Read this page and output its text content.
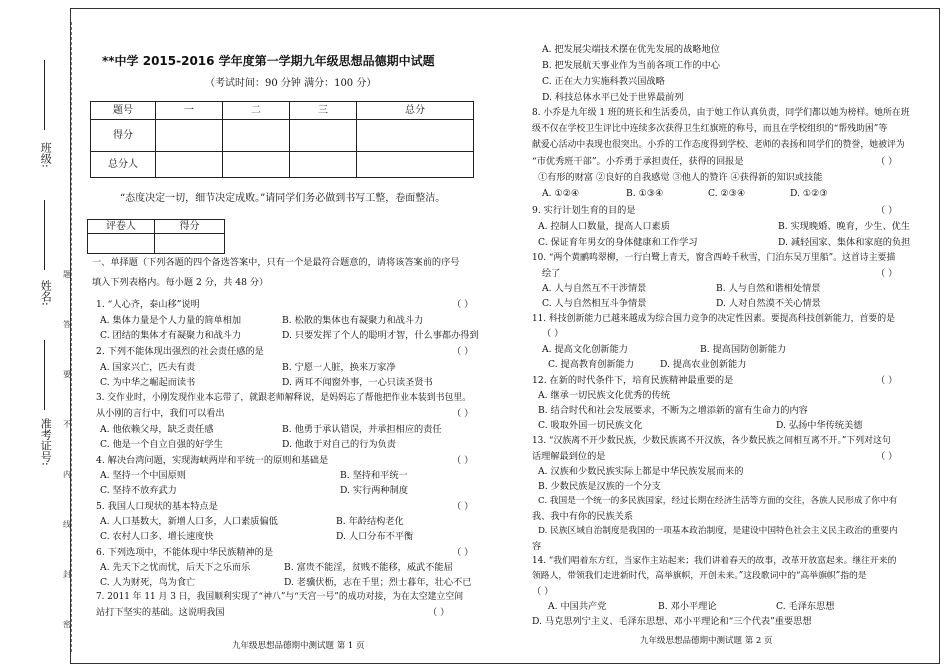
班级:
姓名:
准考证号:
题
答
要
不
内
线
封
密
**中学 2015-2016 学年度第一学期九年级思想品德期中试题
（考试时间：90 分钟 满分：100 分）
题号	一	二	三	总分
得分				
总分人				
“态度决定一切，细节决定成败。”请同学们务必做到书写工整，卷面整洁。
评卷人	得分

一、单择题（下列各题的四个备选答案中，只有一个是最符合题意的，请将该答案前的序号
填入下列表格内。每小题 2 分，共 48 分）
1. “人心齐，泰山移”说明	（ ）
A. 集体力量是个人力量的简单相加	B. 松散的集体也有凝聚力和战斗力
C. 团结的集体才有凝聚力和战斗力	D. 只要发挥了个人的聪明才智，什么事都办得到
2. 下列不能体现出强烈的社会责任感的是	（ ）
A. 国家兴亡，匹夫有责	B. 宁愿一人脏，换来万家净
C. 为中华之崛起而读书	D. 两耳不闻窗外事，一心只读圣贤书
3. 交作业时，小刚发现作业本忘带了，就跟老师解释说，是妈妈忘了帮他把作业本装到书包里。
从小刚的言行中，我们可以看出	（ ）
A. 他依赖父母，缺乏责任感	B. 他勇于承认错误，并承担相应的责任
C. 他是一个自立自强的好学生	D. 他敢于对自己的行为负责
4. 解决台湾问题，实现海峡两岸和平统一的原则和基础是	（ ）
A. 坚持一个中国原则	B. 坚持和平统一
C. 坚持不放弃武力	D. 实行两种制度
5. 我国人口现状的基本特点是	（ ）
A. 人口基数大，新增人口多，人口素质偏低	B. 年龄结构老化
C. 农村人口多、增长速度快	D. 人口分布不平衡
6. 下列选项中，不能体现中华民族精神的是	（ ）
A. 先天下之忧而忧，后天下之乐而乐	B. 富贵不能淫，贫贱不能移，威武不能屈
C. 人为财死，鸟为食亡	D. 老骥伏枥，志在千里；烈士暮年，壮心不已
7. 2011 年 11 月 3 日，我国顺利实现了“神八”与“天宫一号”的成功对接，为在太空建立空间
站打下坚实的基础。这说明我国	（ ）
九年级思想品德期中测试题 第 1 页
A. 把发展尖端技术摆在优先发展的战略地位
B. 把发展航天事业作为当前各项工作的中心
C. 正在大力实施科教兴国战略
D. 科技总体水平已处于世界最前列
8. 小乔是九年级 1 班的班长和生活委员，由于她工作认真负责，同学们都以她为榜样。她所在班
级不仅在学校卫生评比中连续多次获得卫生红旗班的称号，而且在学校组织的“帮残助困”等
献爱心活动中表现也很突出。小乔的工作态度得到学校、老师的表扬和同学们的赞誉，她被评为
“市优秀班干部”。小乔勇于承担责任，获得的回报是	（ ）
①有形的财富 ②良好的自我感觉 ③他人的赞许 ④获得新的知识或技能
A. ①②④	B. ①③④	C. ②③④	D. ①②③
9. 实行计划生育的目的是	（ ）
A. 控制人口数量，提高人口素质	B. 实现晚婚、晚育，少生、优生
C. 保证育年男女的身体健康和工作学习	D. 减轻国家、集体和家庭的负担
10. “两个黄鹂鸣翠柳，一行白鹭上青天，窗含西岭千秋雪，门泊东吴万里船”。这首诗主要描
绘了	（ ）
A. 人与自然互不干涉情景	B. 人与自然和谐相处情景
C. 人与自然相互斗争情景	D. 人对自然漠不关心情景
11. 科技创新能力已越来越成为综合国力竞争的决定性因素。要提高科技创新能力，首要的是
（ ）
A. 提高文化创新能力	B. 提高国防创新能力
C. 提高教育创新能力	D. 提高农业创新能力
12. 在新的时代条件下，培育民族精神最重要的是	（ ）
A. 继承一切民族文化优秀的传统
B. 结合时代和社会发展要求，不断为之增添新的富有生命力的内容
C. 吸取外国一切民族文化	D. 弘扬中华传统美德
13. “汉族离不开少数民族，少数民族离不开汉族，各少数民族之间相互离不开。”下列对这句
话理解最到位的是	（ ）
A. 汉族和少数民族实际上都是中华民族发展而来的
B. 少数民族是汉族的一个分支
C. 我国是一个统一的多民族国家，经过长期在经济生活等方面的交往，各族人民形成了你中有
我、我中有你的民族关系
D. 民族区域自治制度是我国的一项基本政治制度，是建设中国特色社会主义民主政治的重要内
容
14. “我们唱着东方红，当家作主站起来；我们讲着春天的故事，改革开放富起来。继往开来的
领路人，带领我们走进新时代，高举旗帜，开创未来。”这段歌词中的“高举旗帜”指的是
（ ）
A. 中国共产党	B. 邓小平理论	C. 毛泽东思想
D. 马克思列宁主义、毛泽东思想、邓小平理论和“三个代表”重要思想
九年级思想品德期中测试题 第 2 页
